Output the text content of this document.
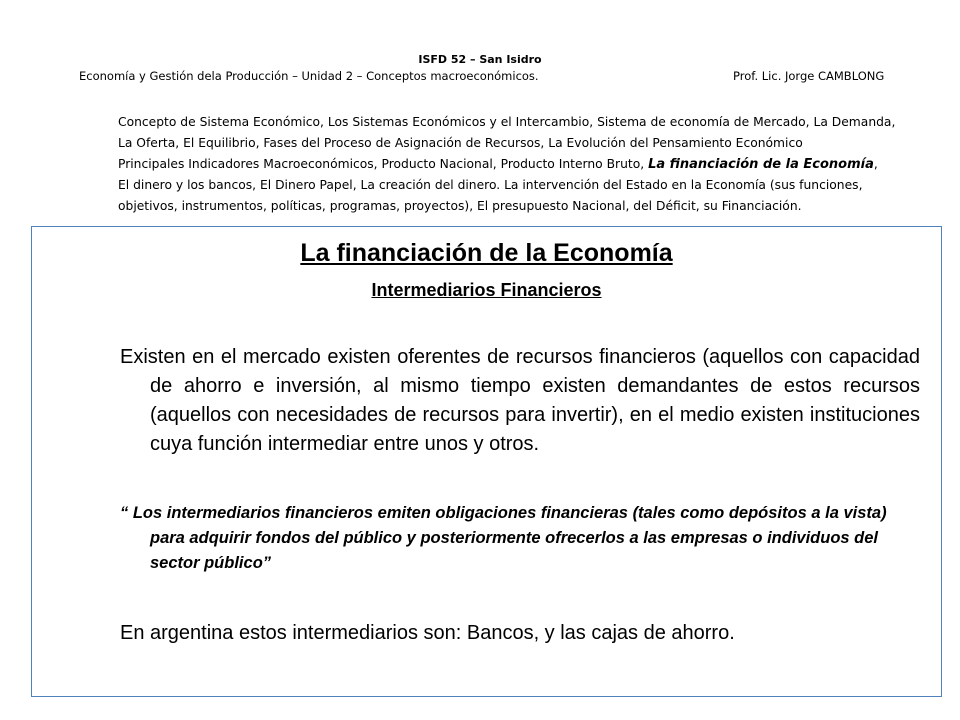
ISFD 52 – San Isidro
Economía y Gestión dela Producción – Unidad 2 – Conceptos macroeconómicos.	Prof. Lic. Jorge CAMBLONG

Concepto de Sistema Económico, Los Sistemas Económicos y el Intercambio, Sistema de economía de Mercado, La Demanda,

La Oferta, El Equilibrio, Fases del Proceso de Asignación de Recursos, La Evolución del Pensamiento Económico

Principales Indicadores Macroeconómicos, Producto Nacional, Producto Interno Bruto, La financiación de la Economía,

El dinero y los bancos, El Dinero Papel, La creación del dinero. La intervención del Estado en la Economía (sus funciones,

objetivos, instrumentos, políticas, programas, proyectos), El presupuesto Nacional, del Déficit, su Financiación.

La financiación de la Economía
Intermediarios Financieros

Existen en el mercado existen oferentes de recursos financieros (aquellos con capacidad de ahorro e inversión, al mismo tiempo existen demandantes de estos recursos (aquellos con necesidades de recursos para invertir), en el medio existen instituciones cuya función intermediar entre unos y otros.

“ Los intermediarios financieros emiten obligaciones financieras (tales como depósitos a la vista) para adquirir fondos del público y posteriormente ofrecerlos a las empresas o individuos del sector público”

En argentina estos intermediarios son: Bancos, y las cajas de ahorro.
